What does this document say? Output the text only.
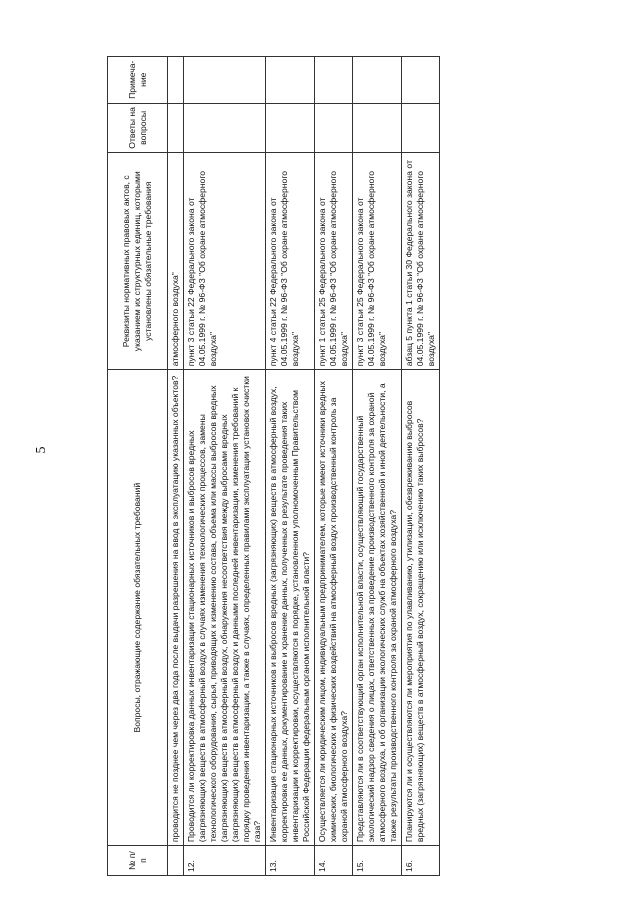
5
№ п/п	Вопросы, отражающие содержание обязательных требований	Реквизиты нормативных правовых актов, с указанием их структурных единиц, которыми установлены обязательные требования	Ответы на вопросы	Примеча-ние
	проводится не позднее чем через два года после выдачи разрешения на ввод в эксплуатацию указанных объектов?	атмосферного воздуха"		
12.	Проводится ли корректировка данных инвентаризации стационарных источников и выбросов вредных (загрязняющих) веществ в атмосферный воздух в случаях изменения технологических процессов, замены технологического оборудования, сырья, приводящих к изменению состава, объема или массы выбросов вредных (загрязняющих) веществ в атмосферный воздух, обнаружения несоответствия между выбросами вредных (загрязняющих) веществ в атмосферный воздух и данными последней инвентаризации, изменения требований к порядку проведения инвентаризации, а также в случаях, определенных правилами эксплуатации установок очистки газа?	пункт 3 статьи 22 Федерального закона от 04.05.1999 г. № 96-ФЗ "Об охране атмосферного воздуха"		
13.	Инвентаризация стационарных источников и выбросов вредных (загрязняющих) веществ в атмосферный воздух, корректировка ее данных, документирование и хранение данных, полученных в результате проведения таких инвентаризации и корректировки, осуществляются в порядке, установленном уполномоченным Правительством Российской Федерации федеральным органом исполнительной власти?	пункт 4 статьи 22 Федерального закона от 04.05.1999 г. № 96-ФЗ "Об охране атмосферного воздуха"		
14.	Осуществляется ли юридическим лицом, индивидуальным предпринимателем, которые имеют источники вредных химических, биологических и физических воздействий на атмосферный воздух производственный контроль за охраной атмосферного воздуха?	пункт 1 статьи 25 Федерального закона от 04.05.1999 г. № 96-ФЗ "Об охране атмосферного воздуха"		
15.	Представляются ли в соответствующий орган исполнительной власти, осуществляющий государственный экологический надзор сведения о лицах, ответственных за проведение производственного контроля за охраной атмосферного воздуха, и об организации экологических служб на объектах хозяйственной и иной деятельности, а также результаты производственного контроля за охраной атмосферного воздуха?	пункт 3 статьи 25 Федерального закона от 04.05.1999 г. № 96-ФЗ "Об охране атмосферного воздуха"		
16.	Планируются ли и осуществляются ли мероприятия по улавливанию, утилизации, обезвреживанию выбросов вредных (загрязняющих) веществ в атмосферный воздух, сокращению или исключению таких выбросов?	абзац 5 пункта 1 статьи 30 Федерального закона от 04.05.1999 г. № 96-ФЗ "Об охране атмосферного воздуха"		
